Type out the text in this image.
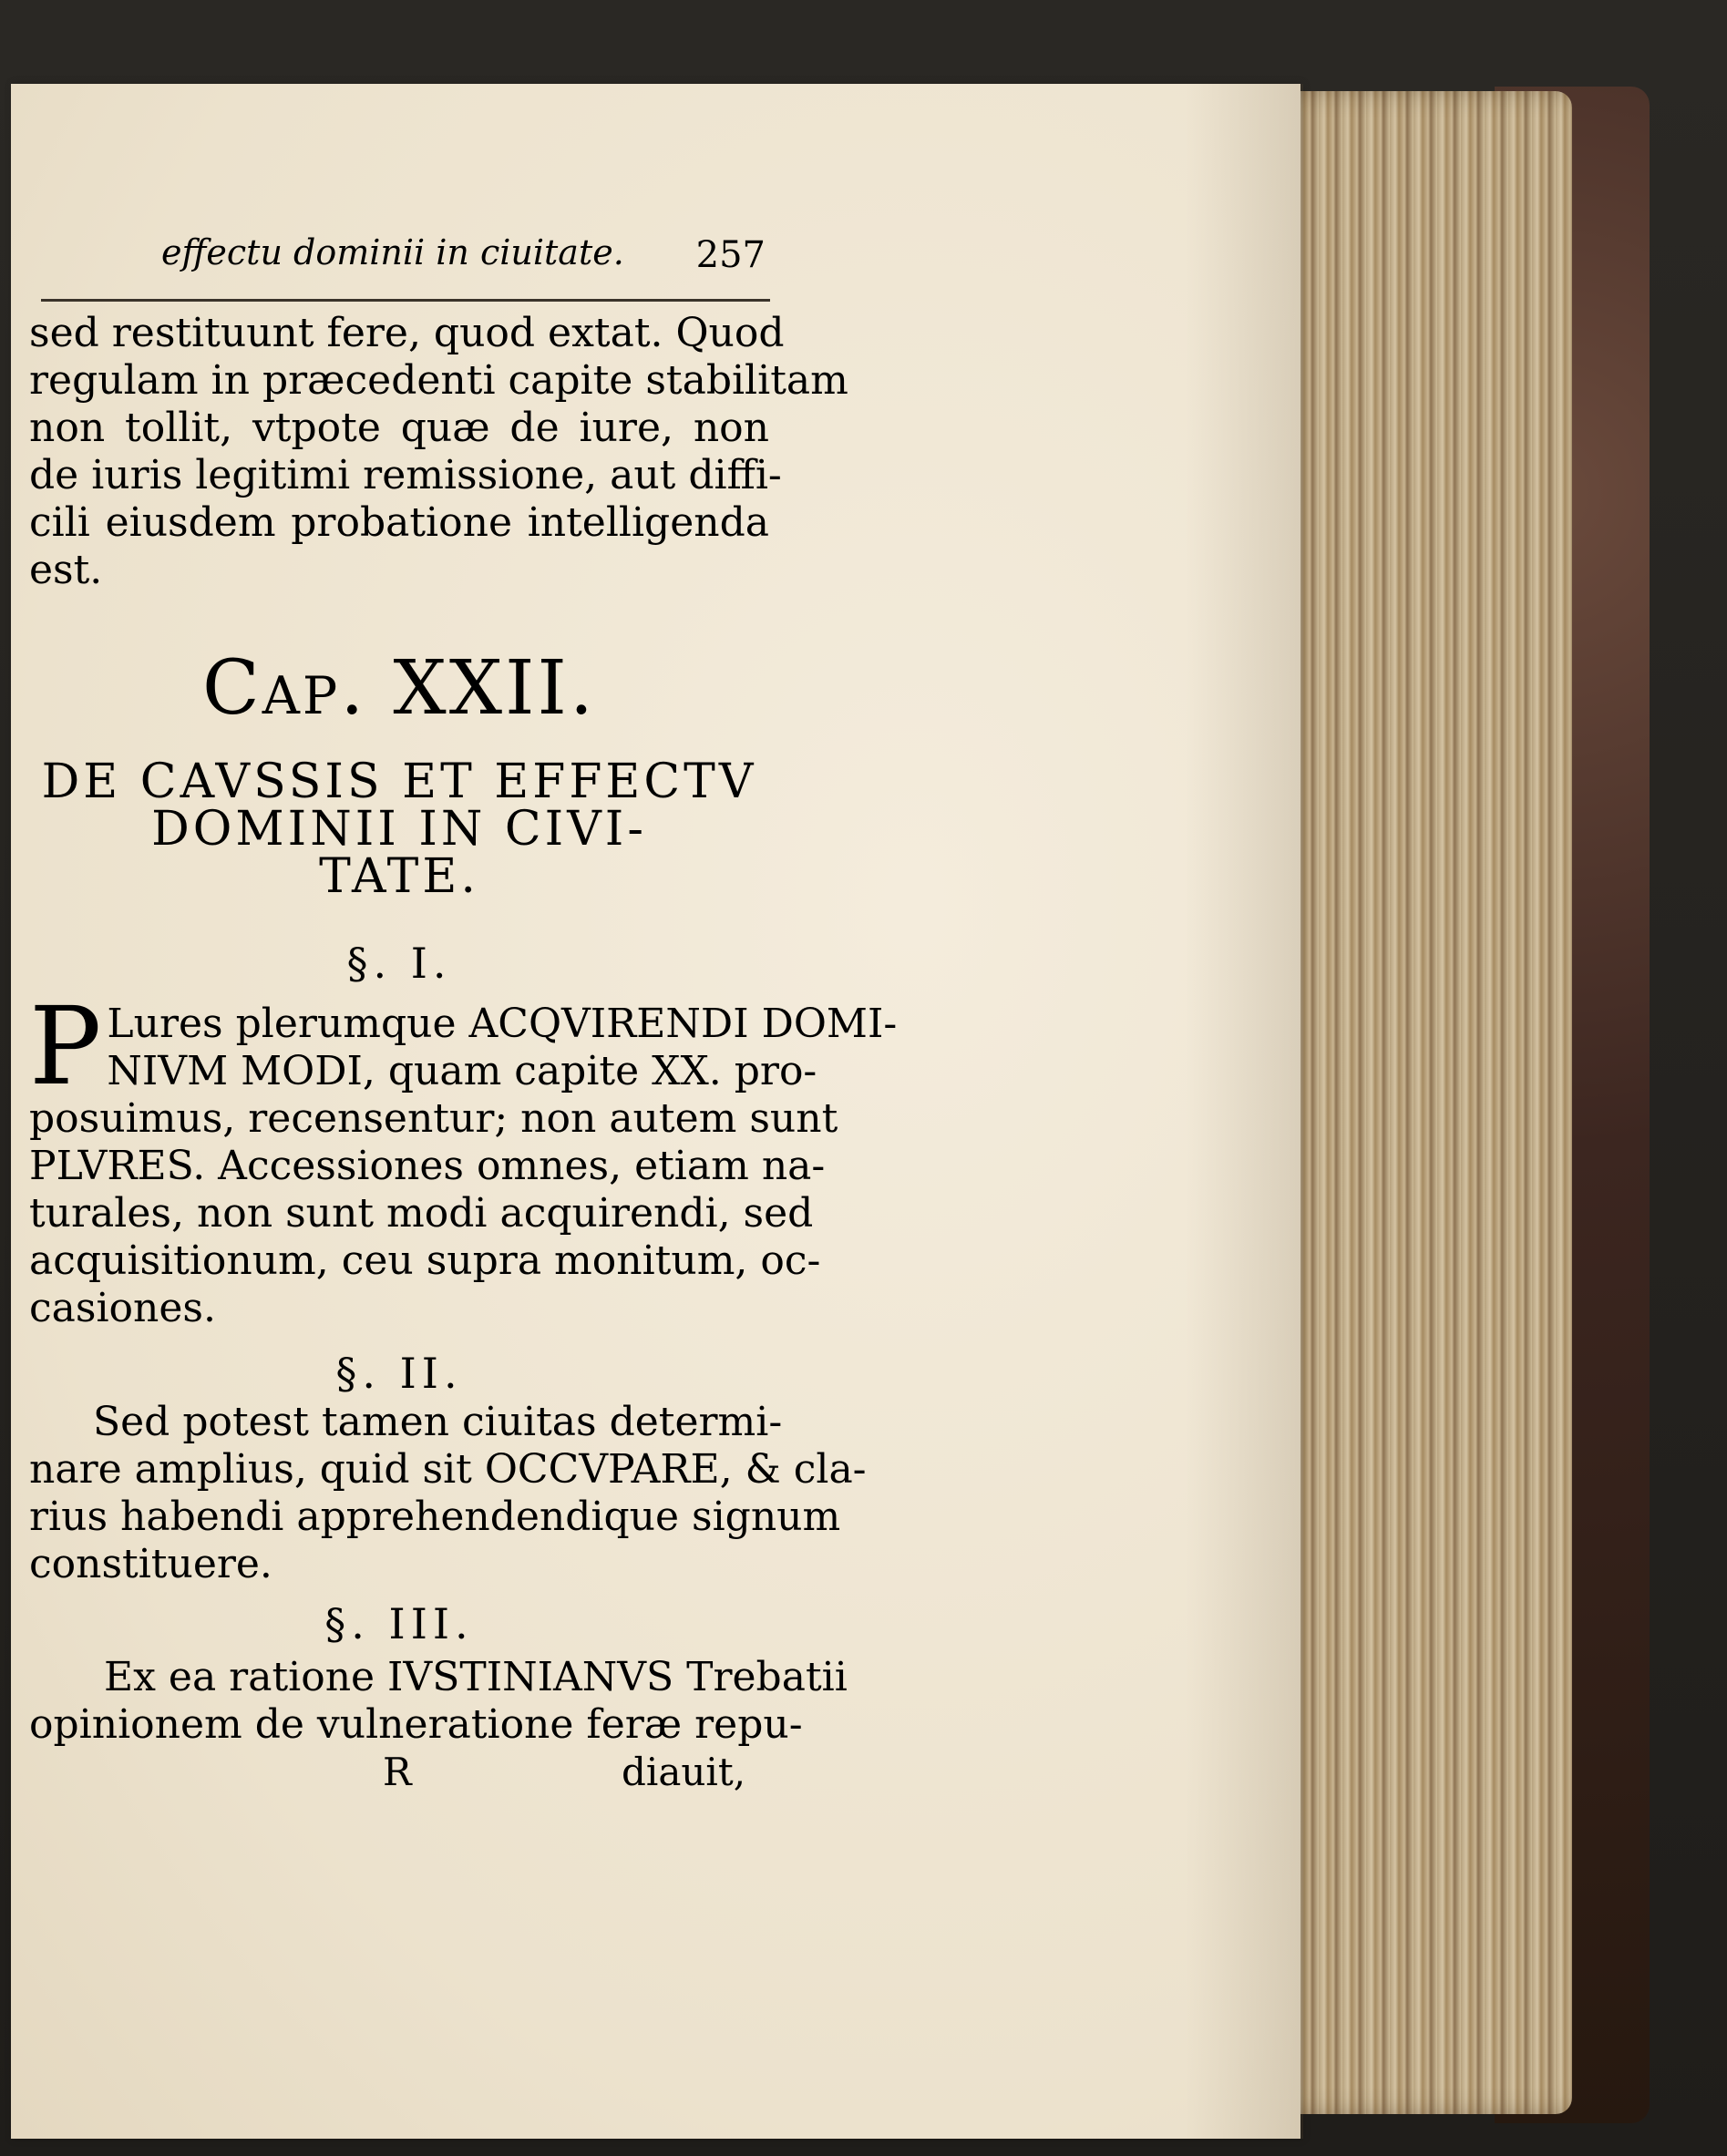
effectu dominii in ciuitate. 257
sed restituunt fere, quod extat. Quod
regulam in præcedenti capite stabilitam
non tollit, vtpote quæ de iure, non
de iuris legitimi remissione, aut diffi-
cili eiusdem probatione intelligenda
est.
Cap. XXII.
DE CAVSSIS ET EFFECTV
DOMINII IN CIVI-
TATE.
§. I.
P Lures plerumque ACQVIRENDI DOMI-
NIVM MODI, quam capite XX. pro-
posuimus, recensentur; non autem sunt
PLVRES. Accessiones omnes, etiam na-
turales, non sunt modi acquirendi, sed
acquisitionum, ceu supra monitum, oc-
casiones.
§. II.
Sed potest tamen ciuitas determi-
nare amplius, quid sit OCCVPARE, & cla-
rius habendi apprehendendique signum
constituere.
§. III.
Ex ea ratione IVSTINIANVS Trebatii
opinionem de vulneratione feræ repu-
R	diauit,
